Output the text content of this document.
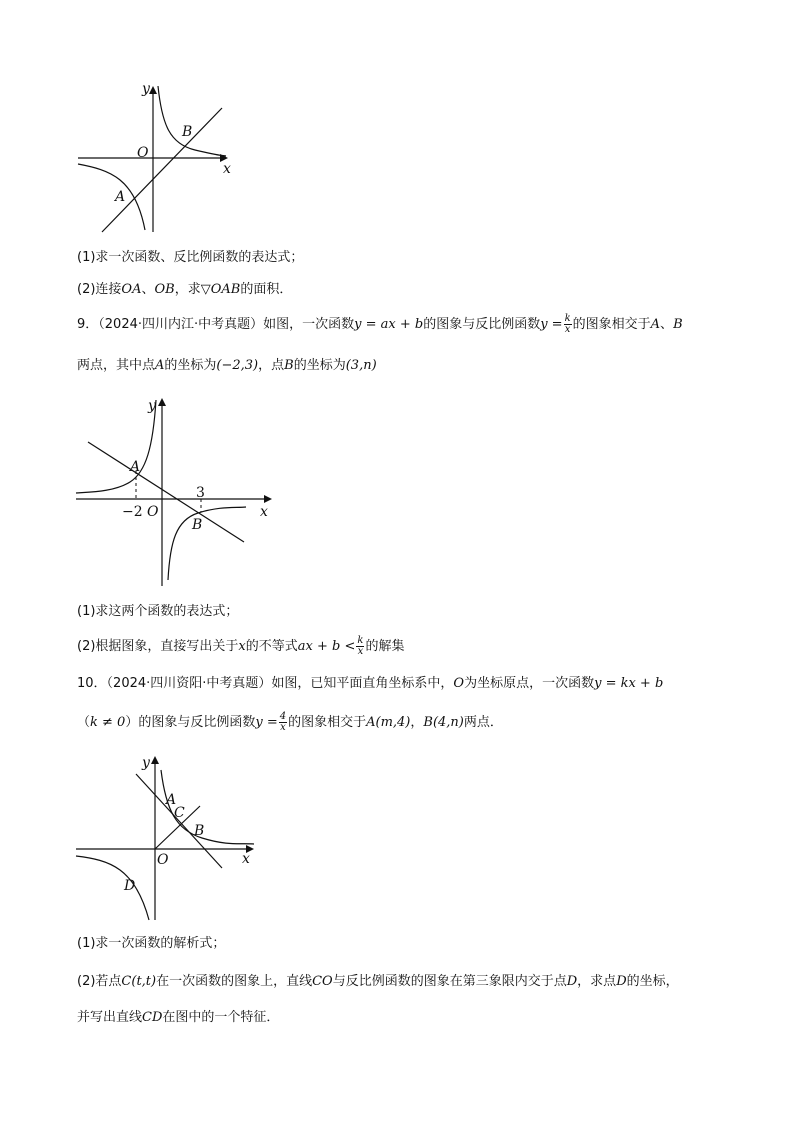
y
x
O
B
A
(1)求一次函数、反比例函数的表达式；
(2)连接OA、OB，求▽OAB的面积．
9．（2024·四川内江·中考真题）如图，一次函数y = ax + b的图象与反比例函数$y = \frac{k}{x}$ 的图象相交于A、B
两点，其中点A的坐标为(−2,3)，点B的坐标为(3,n)
y
x
O
A
B
−2
3
(1)求这两个函数的表达式；
(2)根据图象，直接写出关于x的不等式ax + $b < \frac{k}{x}$ 的解集
10．（2024·四川资阳·中考真题）如图，已知平面直角坐标系中，O为坐标原点，一次函数y = kx + b
（k ≠ 0）的图象与反比例函数$y = \frac{4}{x}$ 的图象相交于A(m,4)，B(4,n)两点．
y
x
O
A
C
B
D
(1)求一次函数的解析式；
(2)若点C(t,t)在一次函数的图象上，直线CO与反比例函数的图象在第三象限内交于点D，求点D的坐标，
并写出直线CD在图中的一个特征．
